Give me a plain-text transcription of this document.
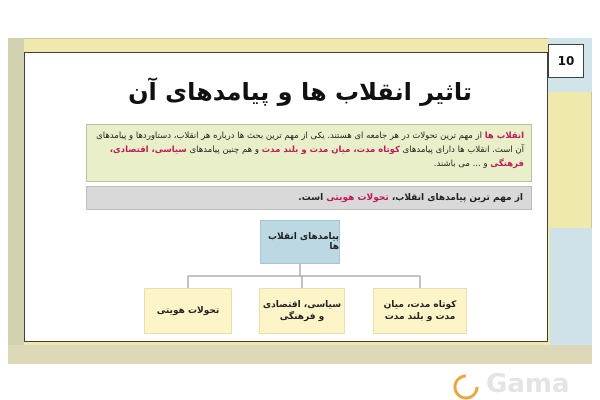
10
تاثیر انقلاب ها و پیامدهای آن
انقلاب ها از مهم ترین تحولات در هر جامعه ای هستند. یکی از مهم ترین بحث ها درباره هر انقلاب، دستاوردها و پیامدهای آن است. انقلاب ها دارای پیامدهای کوتاه مدت، میان مدت و بلند مدت و هم چنین پیامدهای سیاسی، اقتصادی، فرهنگی و ... می باشند.
از مهم ترین پیامدهای انقلاب، تحولات هویتی است.
پیامدهای انقلاب ها
کوتاه مدت، میان مدت و بلند مدت
سیاسی، اقتصادی و فرهنگی
تحولات هویتی
Gama
